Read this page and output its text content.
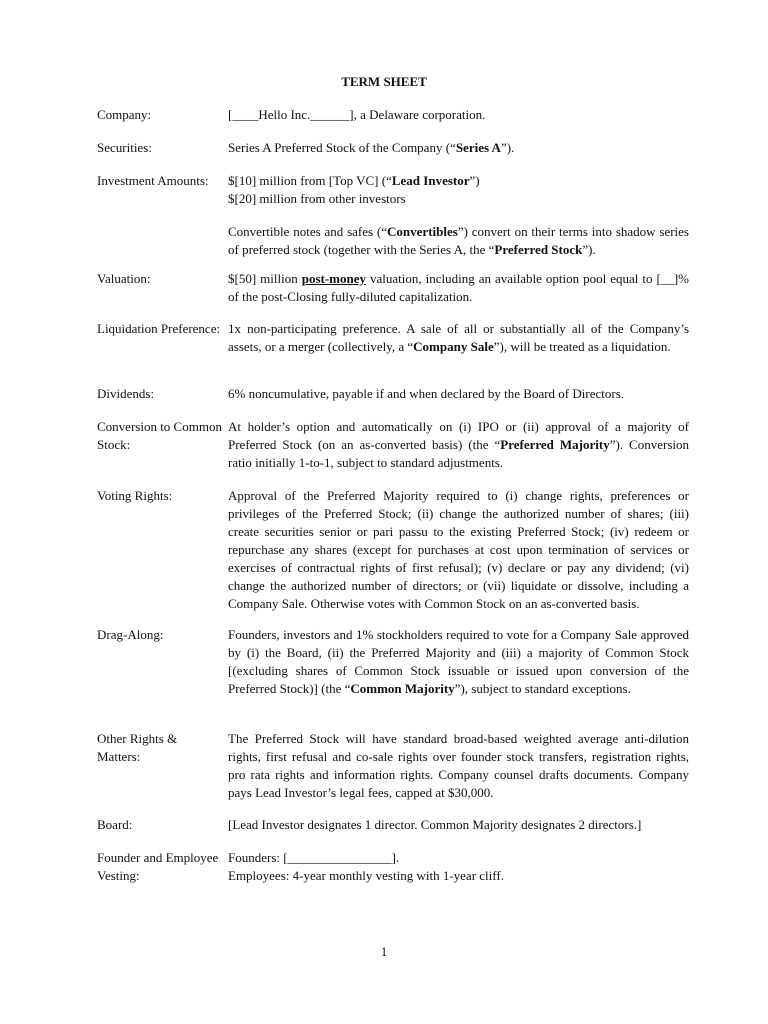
TERM SHEET
Company:	[____Hello Inc.______], a Delaware corporation.
Securities:	Series A Preferred Stock of the Company (“Series A”).
Investment Amounts:	$[10] million from [Top VC] (“Lead Investor”)

$[20] million from other investors

Convertible notes and safes (“Convertibles”) convert on their terms into shadow series of preferred stock (together with the Series A, the “Preferred Stock”).

Valuation:	$[50] million post-money valuation, including an available option pool equal to [__]% of the post-Closing fully-diluted capitalization.
Liquidation Preference: 1x non-participating preference. A sale of all or substantially all of the Company’s assets, or a merger (collectively, a “Company Sale”), will be treated as a liquidation.
Dividends:	6% noncumulative, payable if and when declared by the Board of Directors.
Conversion to Common Stock:
At holder’s option and automatically on (i) IPO or (ii) approval of a majority of Preferred Stock (on an as-converted basis) (the “Preferred Majority”). Conversion ratio initially 1-to-1, subject to standard adjustments.
Voting Rights:	Approval of the Preferred Majority required to (i) change rights, preferences or privileges of the Preferred Stock; (ii) change the authorized number of shares; (iii) create securities senior or pari passu to the existing Preferred Stock; (iv) redeem or repurchase any shares (except for purchases at cost upon termination of services or exercises of contractual rights of first refusal); (v) declare or pay any dividend; (vi) change the authorized number of directors; or (vii) liquidate or dissolve, including a Company Sale. Otherwise votes with Common Stock on an as-converted basis.
Drag-Along:	Founders, investors and 1% stockholders required to vote for a Company Sale approved by (i) the Board, (ii) the Preferred Majority and (iii) a majority of Common Stock [(excluding shares of Common Stock issuable or issued upon conversion of the Preferred Stock)] (the “Common Majority”), subject to standard exceptions.
Other Rights & Matters:
The Preferred Stock will have standard broad-based weighted average anti-dilution rights, first refusal and co-sale rights over founder stock transfers, registration rights, pro rata rights and information rights. Company counsel drafts documents. Company pays Lead Investor’s legal fees, capped at $30,000.
Board:	[Lead Investor designates 1 director. Common Majority designates 2 directors.]
Founder and Employee Vesting:

Founders: [________________].

Employees: 4-year monthly vesting with 1-year cliff.

1
